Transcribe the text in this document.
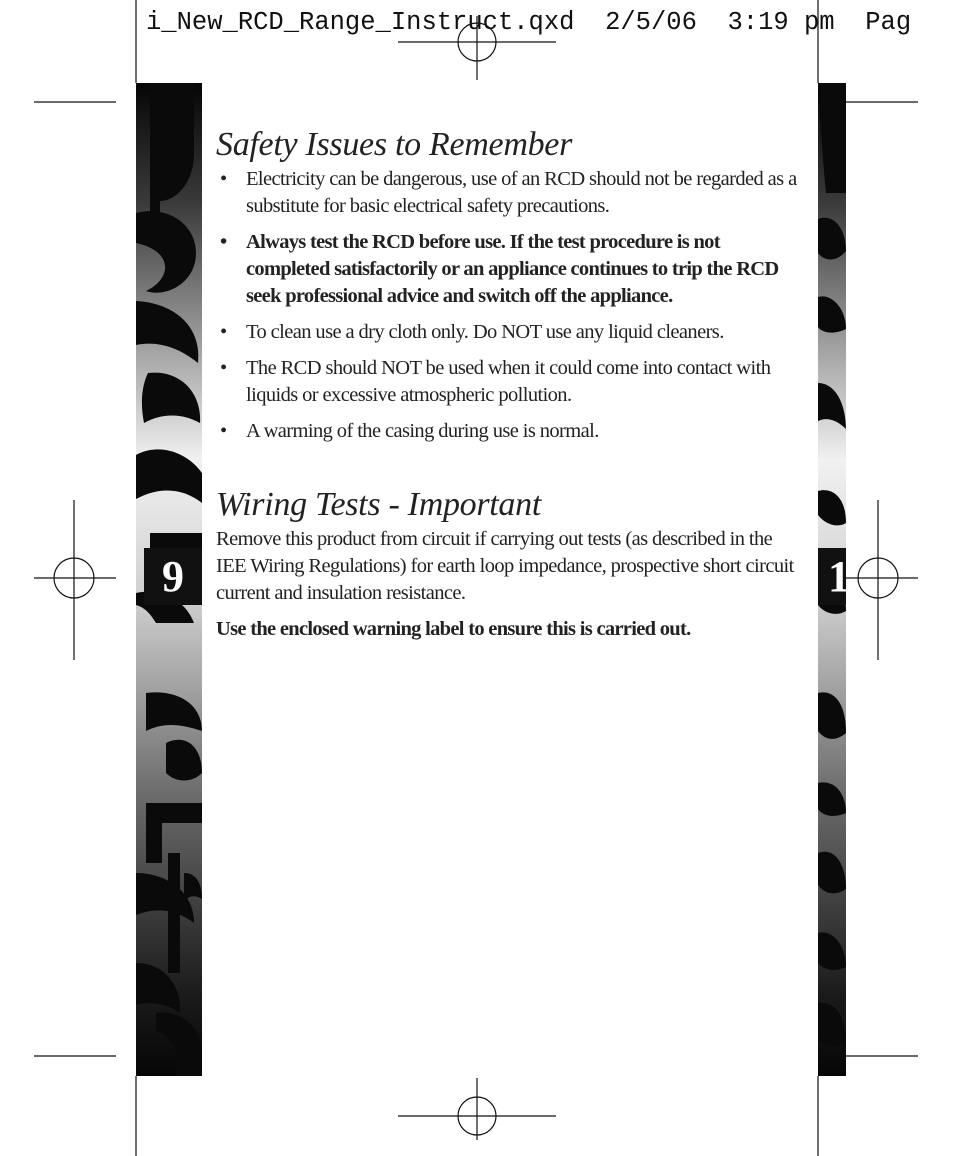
i_New_RCD_Range_Instruct.qxd  2/5/06  3:19 pm  Pag
9	1
Safety Issues to Remember
• Electricity can be dangerous, use of an RCD should not be regarded as a substitute for basic electrical safety precautions.
• Always test the RCD before use. If the test procedure is not completed satisfactorily or an appliance continues to trip the RCD seek professional advice and switch off the appliance.
• To clean use a dry cloth only. Do NOT use any liquid cleaners.
• The RCD should NOT be used when it could come into contact with liquids or excessive atmospheric pollution.
• A warming of the casing during use is normal.
Wiring Tests - Important

Remove this product from circuit if carrying out tests (as described in the IEE Wiring Regulations) for earth loop impedance, prospective short circuit current and insulation resistance.

Use the enclosed warning label to ensure this is carried out.
